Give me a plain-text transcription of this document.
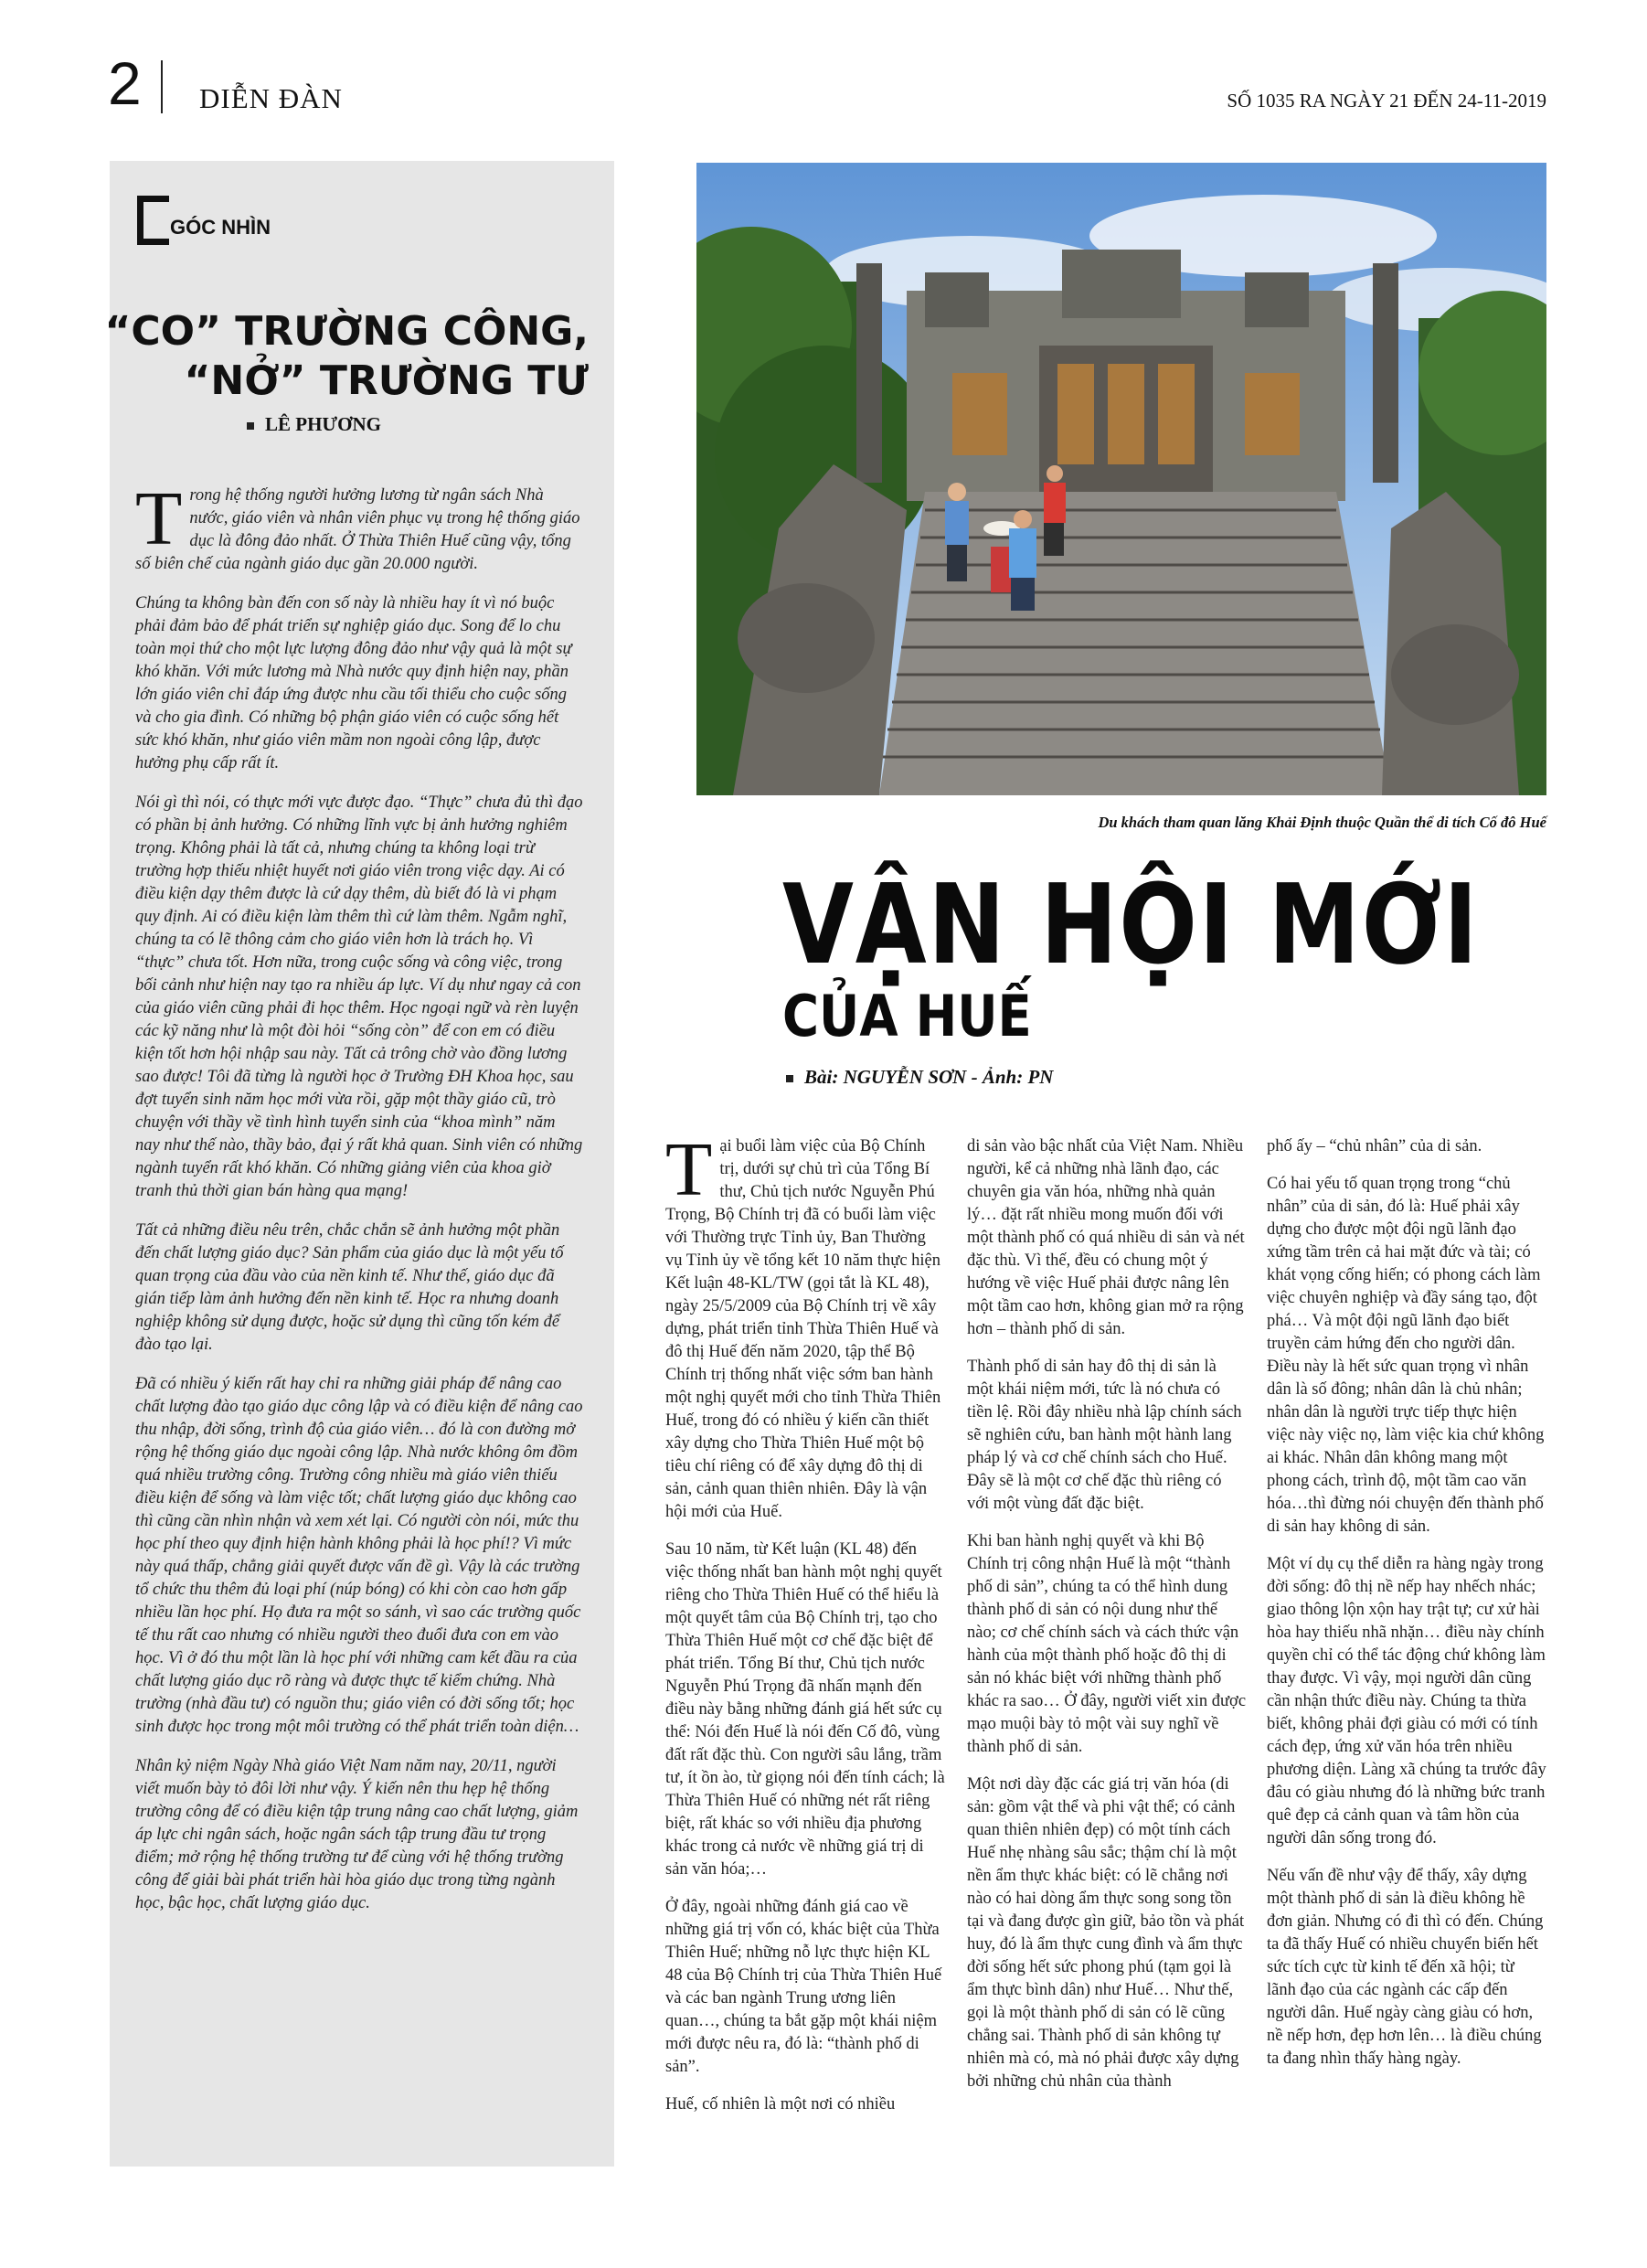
2 DIỄN ĐÀN	SỐ 1035 RA NGÀY 21 ĐẾN 24-11-2019
GÓC NHÌN
“CO” TRƯỜNG CÔNG,
“NỞ” TRƯỜNG TƯ
LÊ PHƯƠNG

Trong hệ thống người hưởng lương từ ngân sách Nhà nước, giáo viên và nhân viên phục vụ trong hệ thống giáo dục là đông đảo nhất. Ở Thừa Thiên Huế cũng vậy, tổng số biên chế của ngành giáo dục gần 20.000 người.

Chúng ta không bàn đến con số này là nhiều hay ít vì nó buộc phải đảm bảo để phát triển sự nghiệp giáo dục. Song để lo chu toàn mọi thứ cho một lực lượng đông đảo như vậy quả là một sự khó khăn. Với mức lương mà Nhà nước quy định hiện nay, phần lớn giáo viên chỉ đáp ứng được nhu cầu tối thiểu cho cuộc sống và cho gia đình. Có những bộ phận giáo viên có cuộc sống hết sức khó khăn, như giáo viên mầm non ngoài công lập, được hưởng phụ cấp rất ít.

Nói gì thì nói, có thực mới vực được đạo. “Thực” chưa đủ thì đạo có phần bị ảnh hưởng. Có những lĩnh vực bị ảnh hưởng nghiêm trọng. Không phải là tất cả, nhưng chúng ta không loại trừ trường hợp thiếu nhiệt huyết nơi giáo viên trong việc dạy. Ai có điều kiện dạy thêm được là cứ dạy thêm, dù biết đó là vi phạm quy định. Ai có điều kiện làm thêm thì cứ làm thêm. Ngẫm nghĩ, chúng ta có lẽ thông cảm cho giáo viên hơn là trách họ. Vì “thực” chưa tốt. Hơn nữa, trong cuộc sống và công việc, trong bối cảnh như hiện nay tạo ra nhiều áp lực. Ví dụ như ngay cả con của giáo viên cũng phải đi học thêm. Học ngoại ngữ và rèn luyện các kỹ năng như là một đòi hỏi “sống còn” để con em có điều kiện tốt hơn hội nhập sau này. Tất cả trông chờ vào đồng lương sao được! Tôi đã từng là người học ở Trường ĐH Khoa học, sau đợt tuyển sinh năm học mới vừa rồi, gặp một thầy giáo cũ, trò chuyện với thầy về tình hình tuyển sinh của “khoa mình” năm nay như thế nào, thầy bảo, đại ý rất khả quan. Sinh viên có những ngành tuyển rất khó khăn. Có những giảng viên của khoa giờ tranh thủ thời gian bán hàng qua mạng!

Tất cả những điều nêu trên, chắc chắn sẽ ảnh hưởng một phần đến chất lượng giáo dục? Sản phẩm của giáo dục là một yếu tố quan trọng của đầu vào của nền kinh tế. Như thế, giáo dục đã gián tiếp làm ảnh hưởng đến nền kinh tế. Học ra nhưng doanh nghiệp không sử dụng được, hoặc sử dụng thì cũng tốn kém để đào tạo lại.

Đã có nhiều ý kiến rất hay chỉ ra những giải pháp để nâng cao chất lượng đào tạo giáo dục công lập và có điều kiện để nâng cao thu nhập, đời sống, trình độ của giáo viên… đó là con đường mở rộng hệ thống giáo dục ngoài công lập. Nhà nước không ôm đồm quá nhiều trường công. Trường công nhiều mà giáo viên thiếu điều kiện để sống và làm việc tốt; chất lượng giáo dục không cao thì cũng cần nhìn nhận và xem xét lại. Có người còn nói, mức thu học phí theo quy định hiện hành không phải là học phí!? Vì mức này quá thấp, chẳng giải quyết được vấn đề gì. Vậy là các trường tổ chức thu thêm đủ loại phí (núp bóng) có khi còn cao hơn gấp nhiều lần học phí. Họ đưa ra một so sánh, vì sao các trường quốc tế thu rất cao nhưng có nhiều người theo đuổi đưa con em vào học. Vì ở đó thu một lần là học phí với những cam kết đầu ra của chất lượng giáo dục rõ ràng và được thực tế kiểm chứng. Nhà trường (nhà đầu tư) có nguồn thu; giáo viên có đời sống tốt; học sinh được học trong một môi trường có thể phát triển toàn diện…

Nhân kỷ niệm Ngày Nhà giáo Việt Nam năm nay, 20/11, người viết muốn bày tỏ đôi lời như vậy. Ý kiến nên thu hẹp hệ thống trường công để có điều kiện tập trung nâng cao chất lượng, giảm áp lực chi ngân sách, hoặc ngân sách tập trung đầu tư trọng điểm; mở rộng hệ thống trường tư để cùng với hệ thống trường công để giải bài phát triển hài hòa giáo dục trong từng ngành học, bậc học, chất lượng giáo dục.

Du khách tham quan lăng Khải Định thuộc Quần thể di tích Cố đô Huế
VẬN HỘI MỚI
CỦA HUẾ
Bài: NGUYỄN SƠN - Ảnh: PN

Tại buổi làm việc của Bộ Chính trị, dưới sự chủ trì của Tổng Bí thư, Chủ tịch nước Nguyễn Phú Trọng, Bộ Chính trị đã có buổi làm việc với Thường trực Tỉnh ủy, Ban Thường vụ Tỉnh ủy về tổng kết 10 năm thực hiện Kết luận 48-KL/TW (gọi tắt là KL 48), ngày 25/5/2009 của Bộ Chính trị về xây dựng, phát triển tỉnh Thừa Thiên Huế và đô thị Huế đến năm 2020, tập thể Bộ Chính trị thống nhất việc sớm ban hành một nghị quyết mới cho tỉnh Thừa Thiên Huế, trong đó có nhiều ý kiến cần thiết xây dựng cho Thừa Thiên Huế một bộ tiêu chí riêng có để xây dựng đô thị di sản, cảnh quan thiên nhiên. Đây là vận hội mới của Huế.

Sau 10 năm, từ Kết luận (KL 48) đến việc thống nhất ban hành một nghị quyết riêng cho Thừa Thiên Huế có thể hiểu là một quyết tâm của Bộ Chính trị, tạo cho Thừa Thiên Huế một cơ chế đặc biệt để phát triển. Tổng Bí thư, Chủ tịch nước Nguyễn Phú Trọng đã nhấn mạnh đến điều này bằng những đánh giá hết sức cụ thể: Nói đến Huế là nói đến Cố đô, vùng đất rất đặc thù. Con người sâu lắng, trầm tư, ít ồn ào, từ giọng nói đến tính cách; là Thừa Thiên Huế có những nét rất riêng biệt, rất khác so với nhiều địa phương khác trong cả nước về những giá trị di sản văn hóa;…

Ở đây, ngoài những đánh giá cao về những giá trị vốn có, khác biệt của Thừa Thiên Huế; những nỗ lực thực hiện KL 48 của Bộ Chính trị của Thừa Thiên Huế và các ban ngành Trung ương liên quan…, chúng ta bắt gặp một khái niệm mới được nêu ra, đó là: “thành phố di sản”.

Huế, cố nhiên là một nơi có nhiều

di sản vào bậc nhất của Việt Nam. Nhiều người, kể cả những nhà lãnh đạo, các chuyên gia văn hóa, những nhà quản lý… đặt rất nhiều mong muốn đối với một thành phố có quá nhiều di sản và nét đặc thù. Vì thế, đều có chung một ý hướng về việc Huế phải được nâng lên một tầm cao hơn, không gian mở ra rộng hơn – thành phố di sản.

Thành phố di sản hay đô thị di sản là một khái niệm mới, tức là nó chưa có tiền lệ. Rồi đây nhiều nhà lập chính sách sẽ nghiên cứu, ban hành một hành lang pháp lý và cơ chế chính sách cho Huế. Đây sẽ là một cơ chế đặc thù riêng có với một vùng đất đặc biệt.

Khi ban hành nghị quyết và khi Bộ Chính trị công nhận Huế là một “thành phố di sản”, chúng ta có thể hình dung thành phố di sản có nội dung như thế nào; cơ chế chính sách và cách thức vận hành của một thành phố hoặc đô thị di sản nó khác biệt với những thành phố khác ra sao… Ở đây, người viết xin được mạo muội bày tỏ một vài suy nghĩ về thành phố di sản.

Một nơi dày đặc các giá trị văn hóa (di sản: gồm vật thể và phi vật thể; có cảnh quan thiên nhiên đẹp) có một tính cách Huế nhẹ nhàng sâu sắc; thậm chí là một nền ẩm thực khác biệt: có lẽ chẳng nơi nào có hai dòng ẩm thực song song tồn tại và đang được gìn giữ, bảo tồn và phát huy, đó là ẩm thực cung đình và ẩm thực đời sống hết sức phong phú (tạm gọi là ẩm thực bình dân) như Huế… Như thế, gọi là một thành phố di sản có lẽ cũng chẳng sai. Thành phố di sản không tự nhiên mà có, mà nó phải được xây dựng bởi những chủ nhân của thành

phố ấy – “chủ nhân” của di sản.

Có hai yếu tố quan trọng trong “chủ nhân” của di sản, đó là: Huế phải xây dựng cho được một đội ngũ lãnh đạo xứng tầm trên cả hai mặt đức và tài; có khát vọng cống hiến; có phong cách làm việc chuyên nghiệp và đầy sáng tạo, đột phá… Và một đội ngũ lãnh đạo biết truyền cảm hứng đến cho người dân. Điều này là hết sức quan trọng vì nhân dân là số đông; nhân dân là chủ nhân; nhân dân là người trực tiếp thực hiện việc này việc nọ, làm việc kia chứ không ai khác. Nhân dân không mang một phong cách, trình độ, một tầm cao văn hóa…thì đừng nói chuyện đến thành phố di sản hay không di sản.

Một ví dụ cụ thể diễn ra hàng ngày trong đời sống: đô thị nề nếp hay nhếch nhác; giao thông lộn xộn hay trật tự; cư xử hài hòa hay thiếu nhã nhặn… điều này chính quyền chỉ có thể tác động chứ không làm thay được. Vì vậy, mọi người dân cũng cần nhận thức điều này. Chúng ta thừa biết, không phải đợi giàu có mới có tính cách đẹp, ứng xử văn hóa trên nhiều phương diện. Làng xã chúng ta trước đây đâu có giàu nhưng đó là những bức tranh quê đẹp cả cảnh quan và tâm hồn của người dân sống trong đó.

Nếu vấn đề như vậy để thấy, xây dựng một thành phố di sản là điều không hề đơn giản. Nhưng có đi thì có đến. Chúng ta đã thấy Huế có nhiều chuyển biến hết sức tích cực từ kinh tế đến xã hội; từ lãnh đạo của các ngành các cấp đến người dân. Huế ngày càng giàu có hơn, nề nếp hơn, đẹp hơn lên… là điều chúng ta đang nhìn thấy hàng ngày.
